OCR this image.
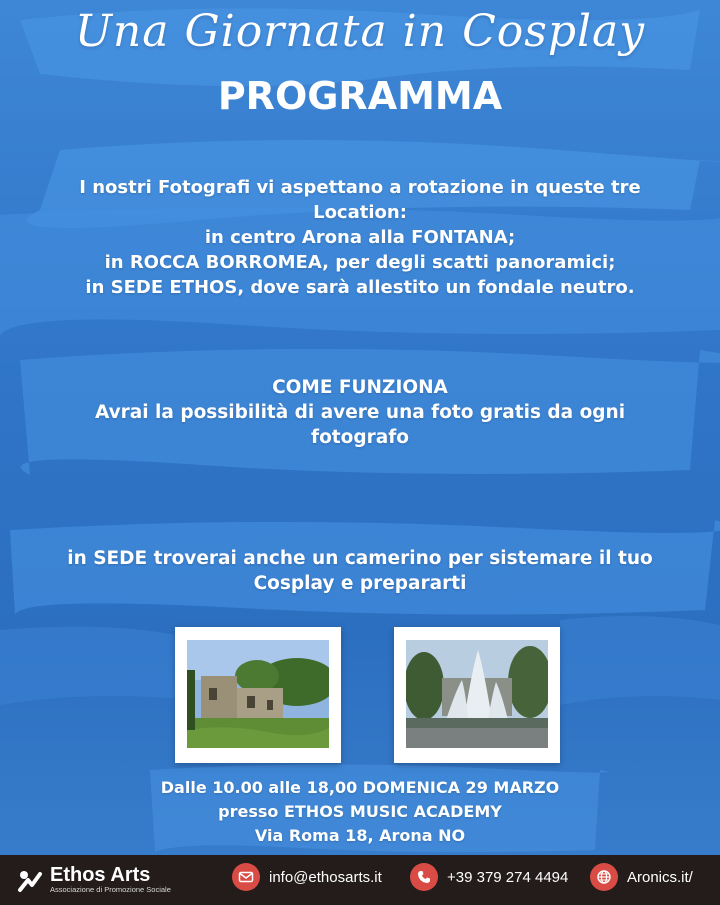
Una Giornata in Cosplay
PROGRAMMA
I nostri Fotografi vi aspettano a rotazione in queste tre
Location:
in centro Arona alla FONTANA;
in ROCCA BORROMEA, per degli scatti panoramici;
in SEDE ETHOS, dove sarà allestito un fondale neutro.
COME FUNZIONA
Avrai la possibilità di avere una foto gratis da ogni
fotografo
in SEDE troverai anche un camerino per sistemare il tuo
Cosplay e prepararti
Dalle 10.00 alle 18,00 DOMENICA 29 MARZO
presso ETHOS MUSIC ACADEMY
Via Roma 18, Arona NO
Ethos Arts
Associazione di Promozione Sociale
info@ethosarts.it	+39 379 274 4494	Aronics.it/
